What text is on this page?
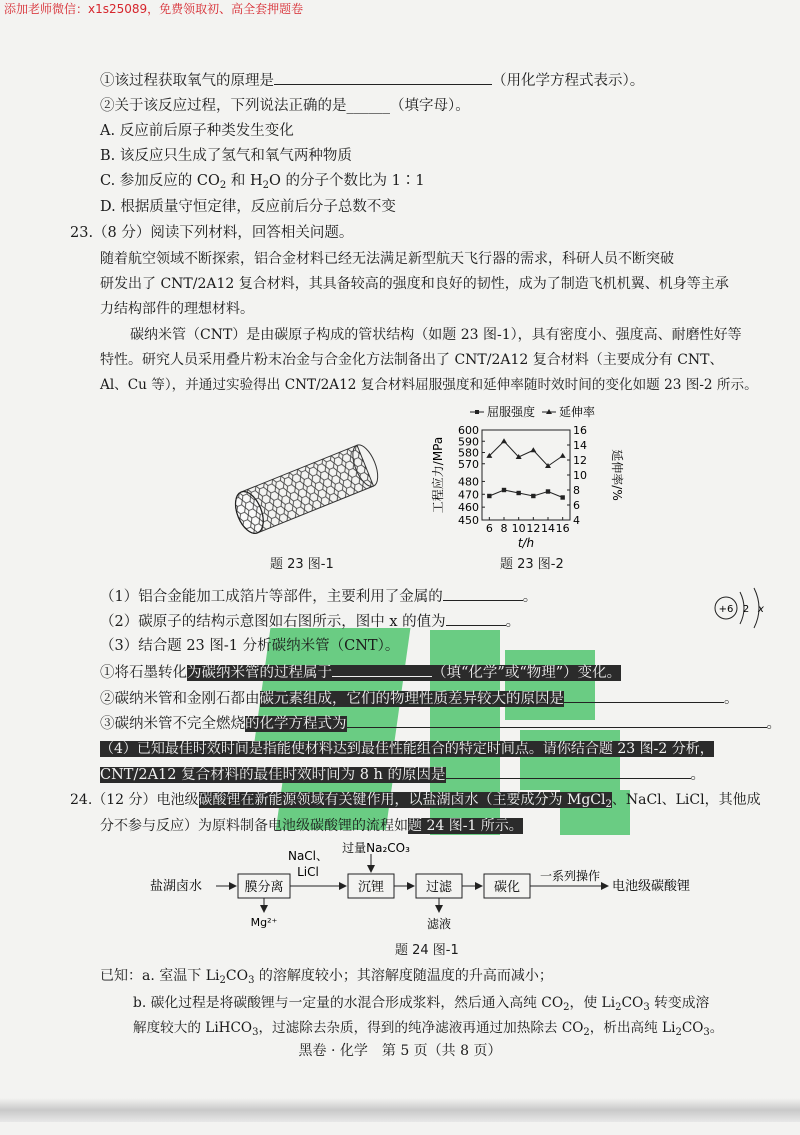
添加老师微信：x1s25089，免费领取初、高全套押题卷
①该过程获取氧气的原理是	（用化学方程式表示）。
②关于该反应过程，下列说法正确的是______（填字母）。
A. 反应前后原子种类发生变化
B. 该反应只生成了氢气和氧气两种物质
C. 参加反应的 $CO_2$ 和 $H_2O$ 的分子个数比为 1∶1
D. 根据质量守恒定律，反应前后分子总数不变
23.（8 分）阅读下列材料，回答相关问题。
随着航空领域不断探索，铝合金材料已经无法满足新型航天飞行器的需求，科研人员不断突破
研发出了 CNT/2A12 复合材料，其具备较高的强度和良好的韧性，成为了制造飞机机翼、机身等主承
力结构部件的理想材料。
碳纳米管（CNT）是由碳原子构成的管状结构（如题 23 图-1），具有密度小、强度高、耐磨性好等
特性。研究人员采用叠片粉末冶金与合金化方法制备出了 CNT/2A12 复合材料（主要成分有 CNT、
Al、Cu 等），并通过实验得出 CNT/2A12 复合材料屈服强度和延伸率随时效时间的变化如题 23 图-2 所示。
题 23 图-1
屈服强度 延伸率
450
460
470
480
570
580
590
600
4
6
8
10
12
14
16
6 8 10 12 14 16
工程应力/MPa	延伸率/%
t/h
题 23 图-2
（1）铝合金能加工成箔片等部件，主要利用了金属的	。
（2）碳原子的结构示意图如右图所示，图中 x 的值为	。
+6 2 x
（3）结合题 23 图-1 分析碳纳米管（CNT）。
①将石墨转化为碳纳米管的过程属于	（填“化学”或“物理”）变化。
②碳纳米管和金刚石都由碳元素组成，它们的物理性质差异较大的原因是	。
③碳纳米管不完全燃烧的化学方程式为	。
（4）已知最佳时效时间是指能使材料达到最佳性能组合的特定时间点。请你结合题 23 图-2 分析，
CNT/2A12 复合材料的最佳时效时间为 8 h 的原因是	。
24.（12 分）电池级碳酸锂在新能源领域有关键作用，以盐湖卤水（主要成分为 MgCl$_2$、NaCl、LiCl，其他成
分不参与反应）为原料制备电池级碳酸锂的流程如题 24 图-1 所示。
盐湖卤水	膜分离
NaCl、
LiCl
沉锂
过量Na₂CO₃
过滤	碳化
一系列操作
电池级碳酸锂
Mg²⁺	滤液
题 24 图-1
已知：a. 室温下 $Li_2CO_3$ 的溶解度较小；其溶解度随温度的升高而减小；
b. 碳化过程是将碳酸锂与一定量的水混合形成浆料，然后通入高纯 $CO_2$，使 $Li_2CO_3$ 转变成溶
解度较大的 LiHCO$_3$，过滤除去杂质，得到的纯净滤液再通过加热除去 $CO_2$，析出高纯 $Li_2CO_3$。
黑卷 · 化学　第 5 页（共 8 页）
